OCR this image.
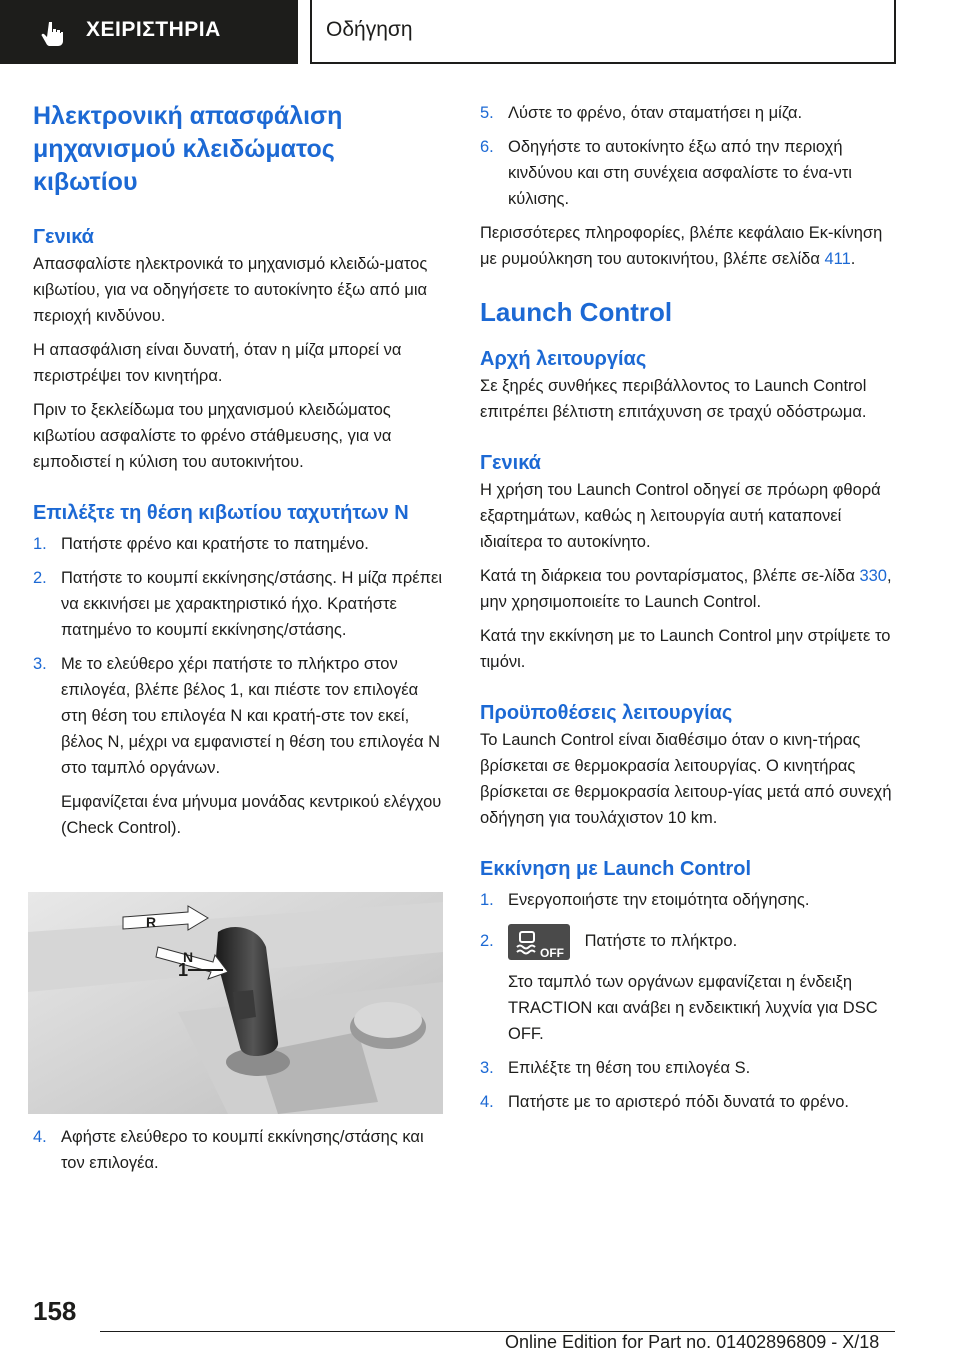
ΧΕΙΡΙΣΤΗΡΙΑ	Οδήγηση
Ηλεκτρονική απασφάλιση μηχανισμού κλειδώματος κιβωτίου
Γενικά

Απασφαλίστε ηλεκτρονικά το μηχανισμό κλειδώ-ματος κιβωτίου, για να οδηγήσετε το αυτοκίνητο έξω από μια περιοχή κινδύνου.

Η απασφάλιση είναι δυνατή, όταν η μίζα μπορεί να περιστρέψει τον κινητήρα.

Πριν το ξεκλείδωμα του μηχανισμού κλειδώματος κιβωτίου ασφαλίστε το φρένο στάθμευσης, για να εμποδιστεί η κύλιση του αυτοκινήτου.

Επιλέξτε τη θέση κιβωτίου ταχυτήτων N
1. Πατήστε φρένο και κρατήστε το πατημένο.
2. Πατήστε το κουμπί εκκίνησης/στάσης. Η μίζα πρέπει να εκκινήσει με χαρακτηριστικό ήχο. Κρατήστε πατημένο το κουμπί εκκίνησης/στάσης.
3. Με το ελεύθερο χέρι πατήστε το πλήκτρο στον επιλογέα, βλέπε βέλος 1, και πιέστε τον επιλογέα στη θέση του επιλογέα N και κρατή-στε τον εκεί, βέλος N, μέχρι να εμφανιστεί η θέση του επιλογέα N στο ταμπλό οργάνων.
Εμφανίζεται ένα μήνυμα μονάδας κεντρικού ελέγχου (Check Control).
R
N
1
4. Αφήστε ελεύθερο το κουμπί εκκίνησης/στάσης και τον επιλογέα.
5. Λύστε το φρένο, όταν σταματήσει η μίζα.
6. Οδηγήστε το αυτοκίνητο έξω από την περιοχή κινδύνου και στη συνέχεια ασφαλίστε το ένα-ντι κύλισης.

Περισσότερες πληροφορίες, βλέπε κεφάλαιο Εκ-κίνηση με ρυμούλκηση του αυτοκινήτου, βλέπε σελίδα 411.

Launch Control
Αρχή λειτουργίας

Σε ξηρές συνθήκες περιβάλλοντος το Launch Control επιτρέπει βέλτιστη επιτάχυνση σε τραχύ οδόστρωμα.

Γενικά

Η χρήση του Launch Control οδηγεί σε πρόωρη φθορά εξαρτημάτων, καθώς η λειτουργία αυτή καταπονεί ιδιαίτερα το αυτοκίνητο.

Κατά τη διάρκεια του ρονταρίσματος, βλέπε σε-λίδα 330, μην χρησιμοποιείτε το Launch Control.

Κατά την εκκίνηση με το Launch Control μην στρίψετε το τιμόνι.

Προϋποθέσεις λειτουργίας

Το Launch Control είναι διαθέσιμο όταν ο κινη-τήρας βρίσκεται σε θερμοκρασία λειτουργίας. Ο κινητήρας βρίσκεται σε θερμοκρασία λειτουρ-γίας μετά από συνεχή οδήγηση για τουλάχιστον 10 km.

Εκκίνηση με Launch Control
1. Ενεργοποιήστε την ετοιμότητα οδήγησης.
2.
OFF
Πατήστε το πλήκτρο.
Στο ταμπλό των οργάνων εμφανίζεται η ένδειξη TRACTION και ανάβει η ενδεικτική λυχνία για DSC OFF.
3. Επιλέξτε τη θέση του επιλογέα S.
4. Πατήστε με το αριστερό πόδι δυνατά το φρένο.
158
Online Edition for Part no. 01402896809 - X/18
